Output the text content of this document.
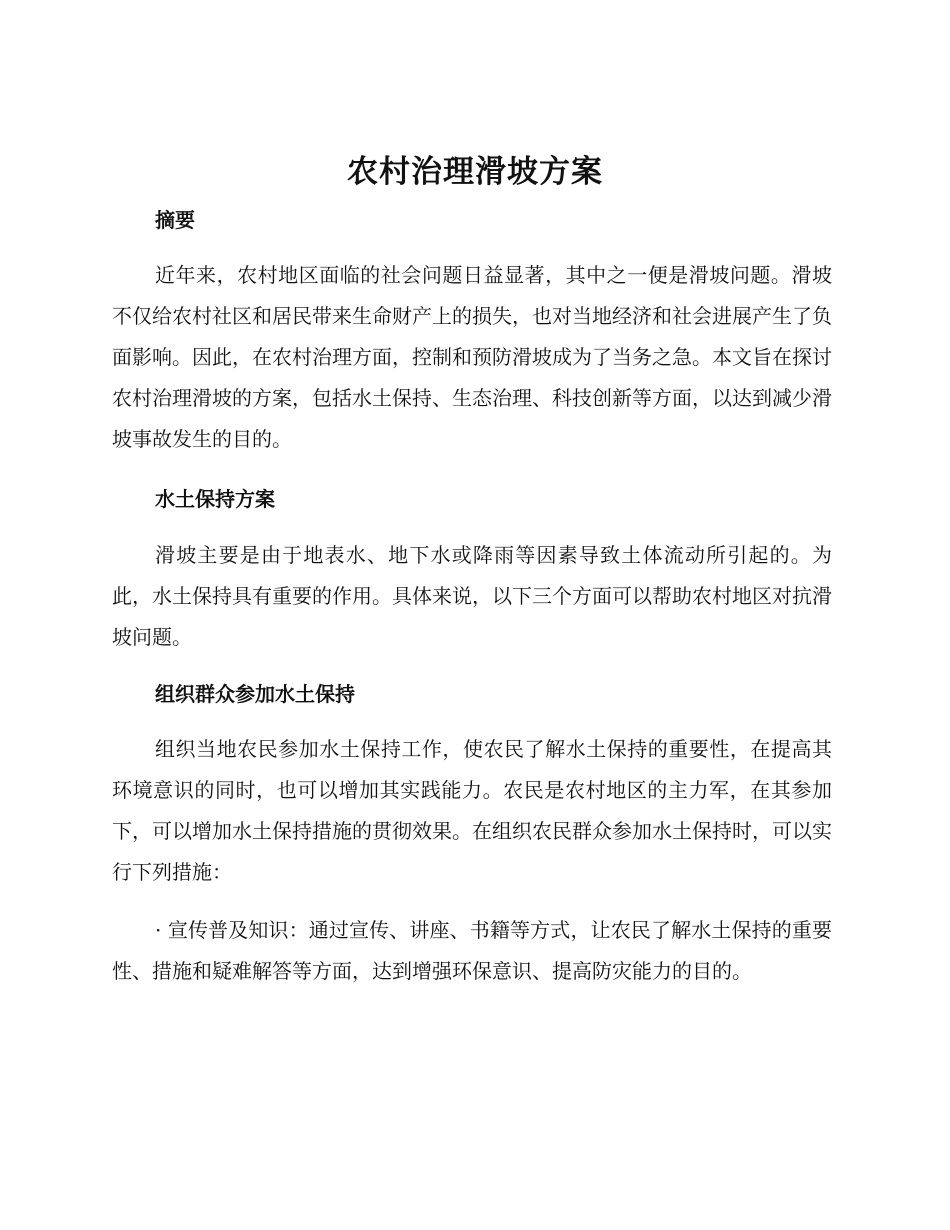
农村治理滑坡方案
摘要

近年来，农村地区面临的社会问题日益显著，其中之一便是滑坡问题。滑坡不仅给农村社区和居民带来生命财产上的损失，也对当地经济和社会进展产生了负面影响。因此，在农村治理方面，控制和预防滑坡成为了当务之急。本文旨在探讨农村治理滑坡的方案，包括水土保持、生态治理、科技创新等方面，以达到减少滑坡事故发生的目的。

水土保持方案

滑坡主要是由于地表水、地下水或降雨等因素导致土体流动所引起的。为此，水土保持具有重要的作用。具体来说，以下三个方面可以帮助农村地区对抗滑坡问题。

组织群众参加水土保持

组织当地农民参加水土保持工作，使农民了解水土保持的重要性，在提高其环境意识的同时，也可以增加其实践能力。农民是农村地区的主力军，在其参加下，可以增加水土保持措施的贯彻效果。在组织农民群众参加水土保持时，可以实行下列措施：

· 宣传普及知识：通过宣传、讲座、书籍等方式，让农民了解水土保持的重要性、措施和疑难解答等方面，达到增强环保意识、提高防灾能力的目的。
